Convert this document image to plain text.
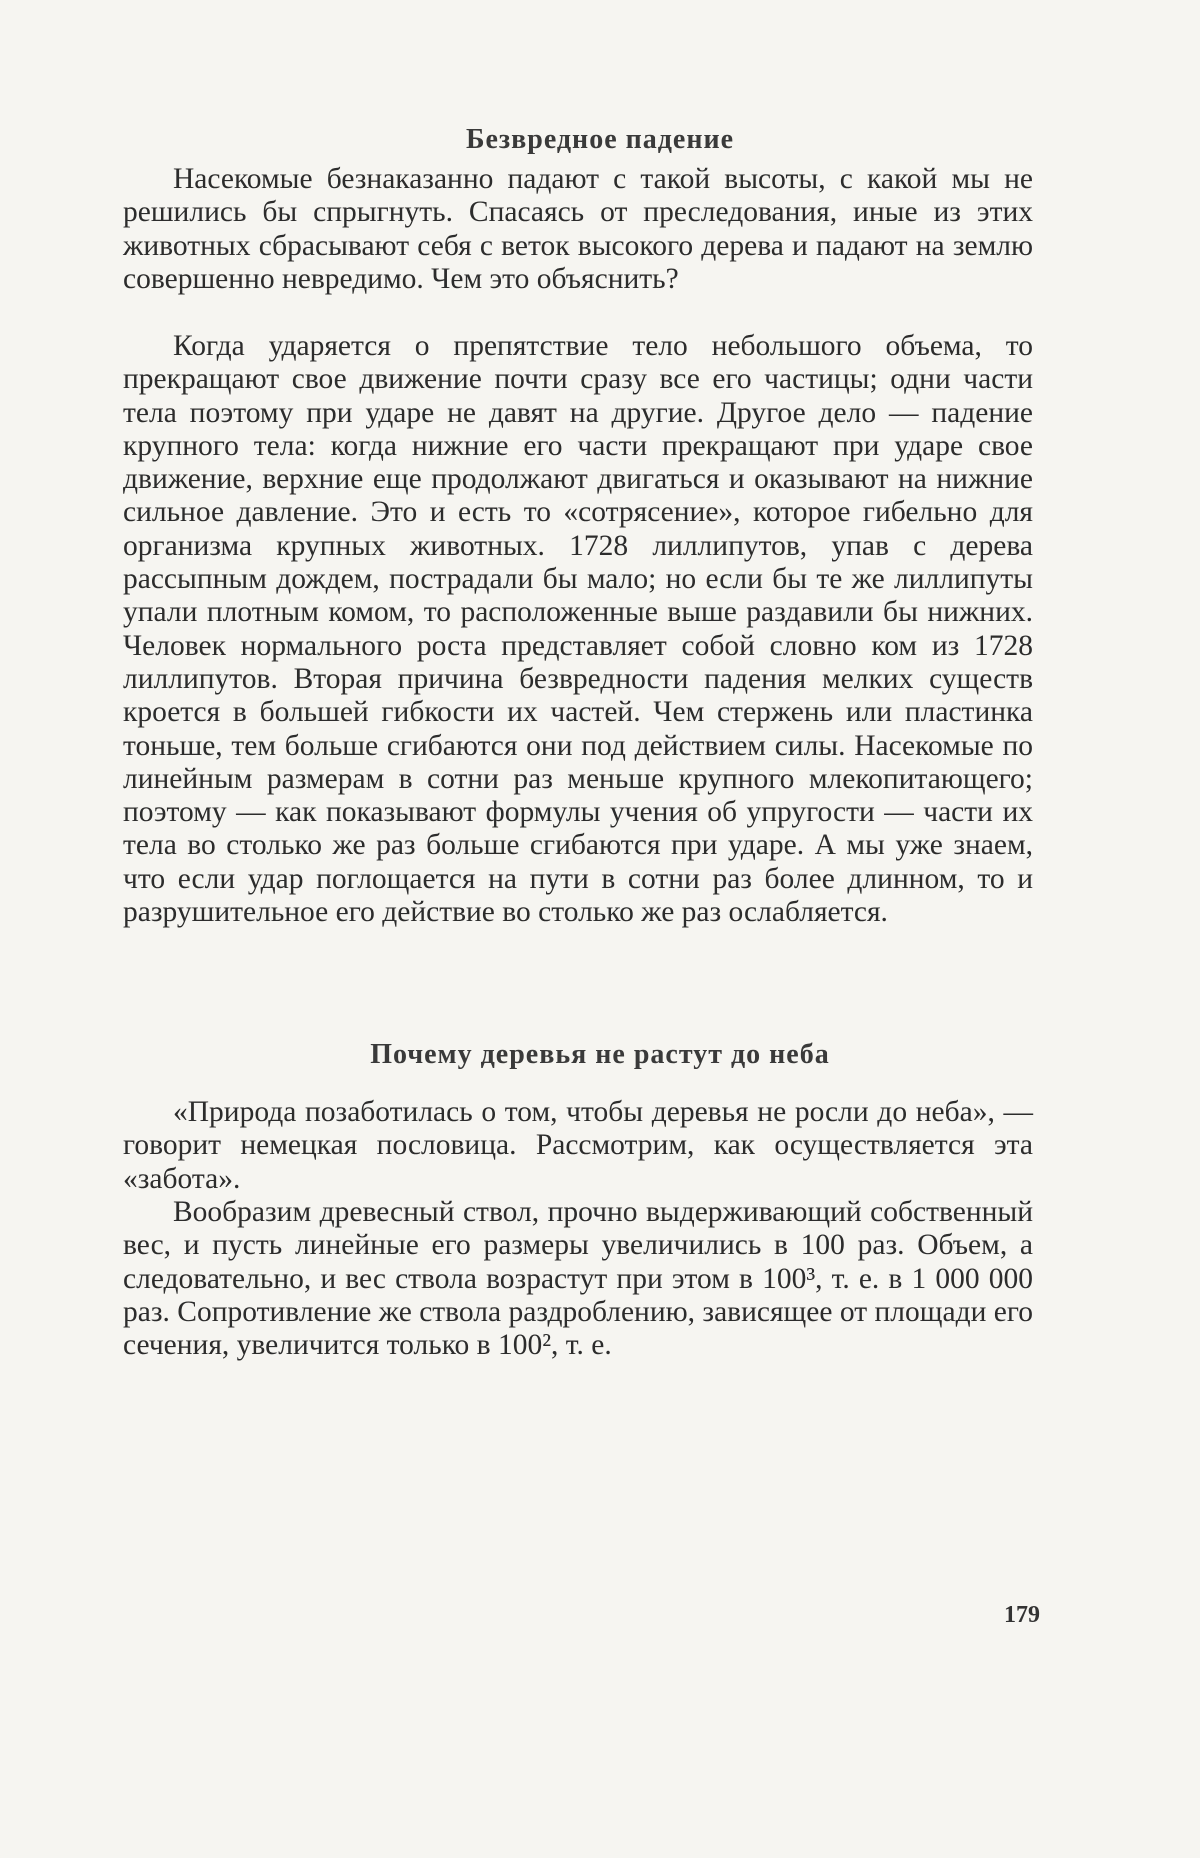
Безвредное падение
Насекомые безнаказанно падают с такой высоты, с какой мы не решились бы спрыгнуть. Спасаясь от преследования, иные из этих животных сбрасывают себя с веток высокого дерева и падают на землю совершенно невредимо. Чем это объяснить?
Когда ударяется о препятствие тело небольшого объема, то прекращают свое движение почти сразу все его частицы; одни части тела поэтому при ударе не давят на другие. Другое дело — падение крупного тела: когда нижние его части прекращают при ударе свое движение, верхние еще продолжают двигаться и оказывают на нижние сильное давление. Это и есть то «сотрясение», которое гибельно для организма крупных животных. 1728 лиллипутов, упав с дерева рассыпным дождем, пострадали бы мало; но если бы те же лиллипуты упали плотным комом, то расположенные выше раздавили бы нижних. Человек нормального роста представляет собой словно ком из 1728 лиллипутов. Вторая причина безвредности падения мелких существ кроется в большей гибкости их частей. Чем стержень или пластинка тоньше, тем больше сгибаются они под действием силы. Насекомые по линейным размерам в сотни раз меньше крупного млекопитающего; поэтому — как показывают формулы учения об упругости — части их тела во столько же раз больше сгибаются при ударе. А мы уже знаем, что если удар поглощается на пути в сотни раз более длинном, то и разрушительное его действие во столько же раз ослабляется.
Почему деревья не растут до неба
«Природа позаботилась о том, чтобы деревья не росли до неба», — говорит немецкая пословица. Рассмотрим, как осуществляется эта «забота».
Вообразим древесный ствол, прочно выдерживающий собственный вес, и пусть линейные его размеры увеличились в 100 раз. Объем, а следовательно, и вес ствола возрастут при этом в 100³, т. е. в 1 000 000 раз. Сопротивление же ствола раздроблению, зависящее от площади его сечения, увеличится только в 100², т. е.
179
